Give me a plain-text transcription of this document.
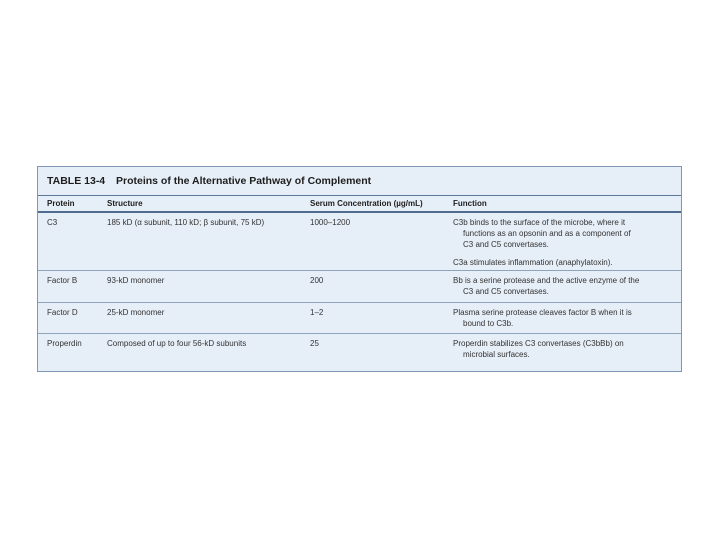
TABLE 13-4	Proteins of the Alternative Pathway of Complement
Protein	Structure	Serum Concentration (µg/mL)	Function
C3	185 kD (α subunit, 110 kD; β subunit, 75 kD)	1000–1200	C3b binds to the surface of the microbe, where it
functions as an opsonin and as a component of
C3 and C5 convertases.
C3a stimulates inflammation (anaphylatoxin).
Factor B	93-kD monomer	200	Bb is a serine protease and the active enzyme of the
C3 and C5 convertases.
Factor D	25-kD monomer	1–2	Plasma serine protease cleaves factor B when it is
bound to C3b.
Properdin	Composed of up to four 56-kD subunits	25	Properdin stabilizes C3 convertases (C3bBb) on
microbial surfaces.
